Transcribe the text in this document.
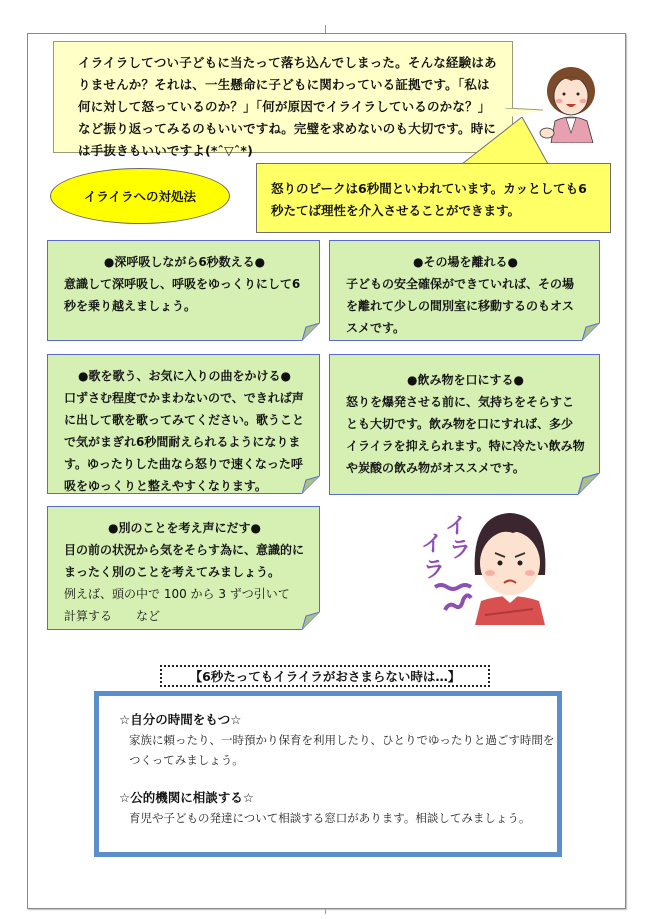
イライラしてつい子どもに当たって落ち込んでしまった。そんな経験はありませんか？それは、一生懸命に子どもに関わっている証拠です。「私は何に対して怒っているのか？」「何が原因でイライラしているのかな？」など振り返ってみるのもいいですね。完璧を求めないのも大切です。時には手抜きもいいですよ(*ˆ▽ˆ*)

イライラへの対処法

怒りのピークは6秒間といわれています。カッとしても6秒たてば理性を介入させることができます。

●深呼吸しながら6秒数える●

意識して深呼吸し、呼吸をゆっくりにして6秒を乗り越えましょう。

●その場を離れる●

子どもの安全確保ができていれば、その場を離れて少しの間別室に移動するのもオススメです。

●歌を歌う、お気に入りの曲をかける●

口ずさむ程度でかまわないので、できれば声に出して歌を歌ってみてください。歌うことで気がまぎれ6秒間耐えられるようになります。ゆったりした曲なら怒りで速くなった呼吸をゆっくりと整えやすくなります。

●飲み物を口にする●

怒りを爆発させる前に、気持ちをそらすことも大切です。飲み物を口にすれば、多少イライラを抑えられます。特に冷たい飲み物や炭酸の飲み物がオススメです。

●別のことを考え声にだす●

目の前の状況から気をそらす為に、意識的にまったく別のことを考えてみましょう。

例えば、頭の中で 100 から 3 ずつ引いて

計算する　　など

イ
ラ
イ
ラ
【6秒たってもイライラがおさまらない時は…】
☆自分の時間をもつ☆
家族に頼ったり、一時預かり保育を利用したり、ひとりでゆったりと過ごす時間をつくってみましょう。
☆公的機関に相談する☆
育児や子どもの発達について相談する窓口があります。相談してみましょう。
